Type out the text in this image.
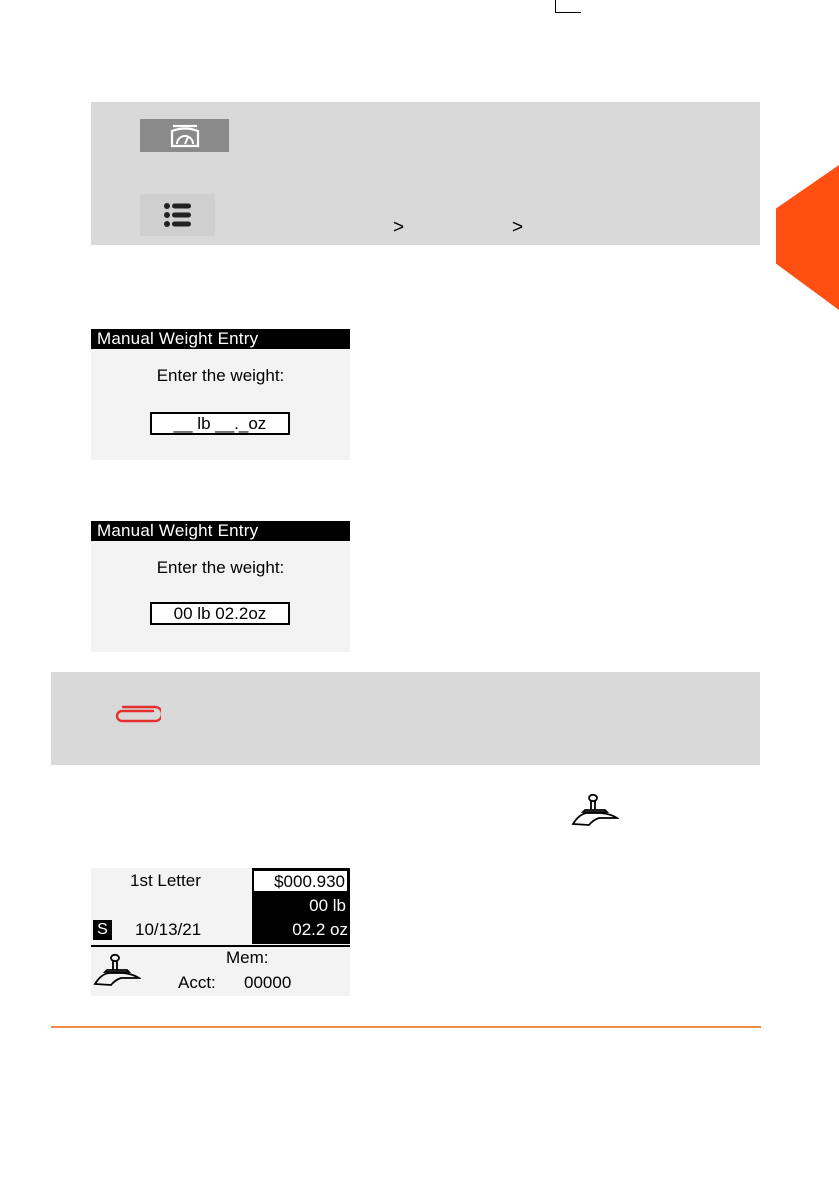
>	>
Manual Weight Entry
Enter the weight:
__ lb __._oz
Manual Weight Entry
Enter the weight:
00 lb 02.2oz
1st Letter	$000.930
00 lb
02.2 oz
S 10/13/21
Mem:
Acct: 00000
